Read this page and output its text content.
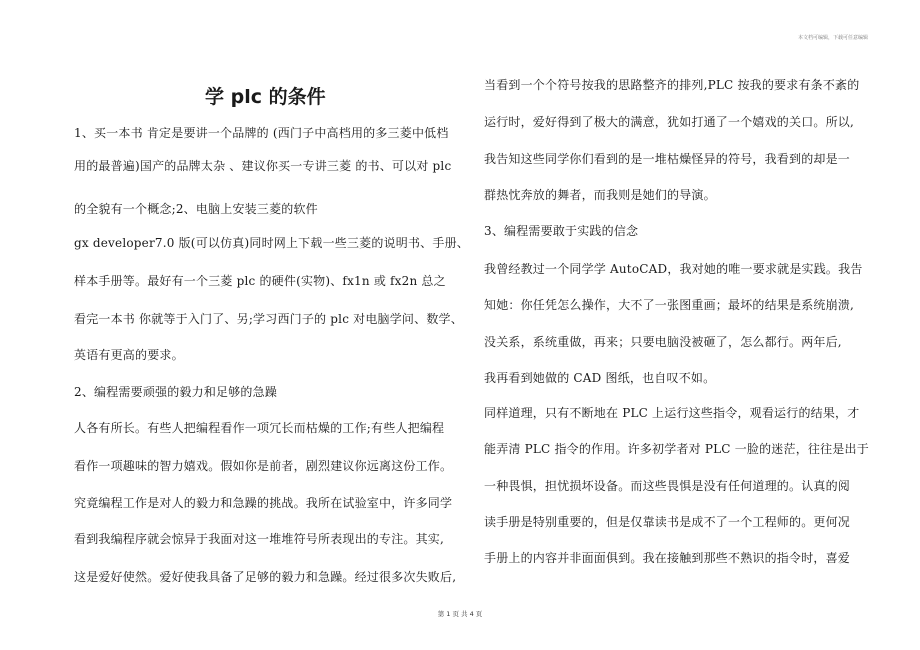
本文档可编辑，下载可任意编辑
学 plc 的条件
1、买一本书 肯定是要讲一个品牌的 (西门子中高档用的多三菱中低档
用的最普遍)国产的品牌太杂 、建议你买一专讲三菱 的书、可以对 plc
的全貌有一个概念;2、电脑上安装三菱的软件
gx developer7.0 版(可以仿真)同时网上下载一些三菱的说明书、手册、
样本手册等。最好有一个三菱 plc 的硬件(实物)、fx1n 或 fx2n 总之
看完一本书 你就等于入门了、另;学习西门子的 plc 对电脑学问、数学、
英语有更高的要求。
2、编程需要顽强的毅力和足够的急躁
人各有所长。有些人把编程看作一项冗长而枯燥的工作;有些人把编程
看作一项趣味的智力嬉戏。假如你是前者，剧烈建议你远离这份工作。
究竟编程工作是对人的毅力和急躁的挑战。我所在试验室中，许多同学
看到我编程序就会惊异于我面对这一堆堆符号所表现出的专注。其实,
这是爱好使然。爱好使我具备了足够的毅力和急躁。经过很多次失败后,
当看到一个个符号按我的思路整齐的排列,PLC 按我的要求有条不紊的
运行时，爱好得到了极大的满意，犹如打通了一个嬉戏的关口。所以,
我告知这些同学你们看到的是一堆枯燥怪异的符号，我看到的却是一
群热忱奔放的舞者，而我则是她们的导演。
3、编程需要敢于实践的信念
我曾经教过一个同学学 AutoCAD，我对她的唯一要求就是实践。我告
知她：你任凭怎么操作，大不了一张图重画；最坏的结果是系统崩溃,
没关系，系统重做，再来；只要电脑没被砸了，怎么都行。两年后,
我再看到她做的 CAD 图纸，也自叹不如。
同样道理，只有不断地在 PLC 上运行这些指令，观看运行的结果，才
能弄清 PLC 指令的作用。许多初学者对 PLC 一脸的迷茫，往往是出于
一种畏惧，担忧损坏设备。而这些畏惧是没有任何道理的。认真的阅
读手册是特别重要的，但是仅靠读书是成不了一个工程师的。更何况
手册上的内容并非面面俱到。我在接触到那些不熟识的指令时，喜爱
第 1 页 共 4 页
